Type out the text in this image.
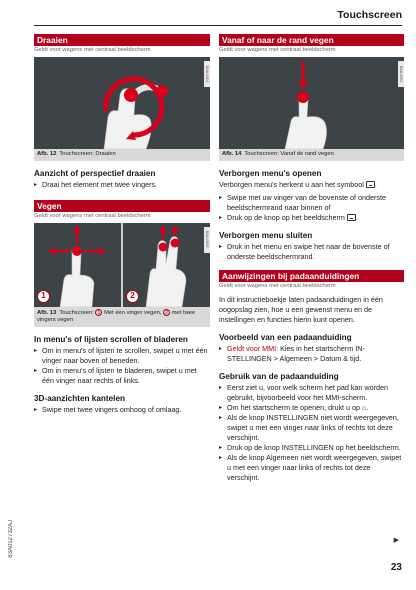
Touchscreen
Draaien
Geldt voor wagens met centraal beeldscherm
BAA-0001
Afb. 12 Touchscreen: Draaien
Aanzicht of perspectief draaien
▸ Draai het element met twee vingers.
Vegen
Geldt voor wagens met centraal beeldscherm
BAA-0003
1	2
Afb. 13 Touchscreen: 1 Met één vinger vegen, 2 met twee vingers vegen
In menu's of lijsten scrollen of bladeren
▸ Om in menu's of lijsten te scrollen, swipet u met één vinger naar boven of beneden.
▸ Om in menu's of lijsten te bladeren, swipet u met één vinger naar rechts of links.
3D-aanzichten kantelen
▸ Swipe met twee vingers omhoog of omlaag.
Vanaf of naar de rand vegen
Geldt voor wagens met centraal beeldscherm
BAA-0002
Afb. 14 Touchscreen: Vanaf de rand vegen
Verborgen menu's openen

Verborgen menu's herkent u aan het symbool .

▸ Swipe met uw vinger van de bovenste of onderste beeldschermrand naar binnen of
▸ Druk op de knop op het beeldscherm .
Verborgen menu sluiten
▸ Druk in het menu en swipe het naar de bovenste of onderste beeldschermrand.
Aanwijzingen bij padaanduidingen
Geldt voor wagens met centraal beeldscherm

In dit instructieboekje laten padaanduidingen in één oogopslag zien, hoe u een gewenst menu en de instellingen en functies hierin kunt openen.

Voorbeeld van een padaanduiding
▸ Geldt voor MMI: Kies in het startscherm IN-STELLINGEN > Algemeen > Datum & tijd.
Gebruik van de padaanduiding
▸ Eerst ziet u, voor welk scherm het pad kan worden gebruikt, bijvoorbeeld voor het MMI-scherm.
▸ Om het startscherm te openen, drukt u op ⌂.
▸ Als de knop INSTELLINGEN niet wordt weergegeven, swipet u met een vinger naar links of rechts tot deze verschijnt.
▸ Druk op de knop INSTELLINGEN op het beeldscherm.
▸ Als de knop Algemeen niet wordt weergegeven, swipet u met een vinger naar links of rechts tot deze verschijnt.
▶
23
83A012732AJ
